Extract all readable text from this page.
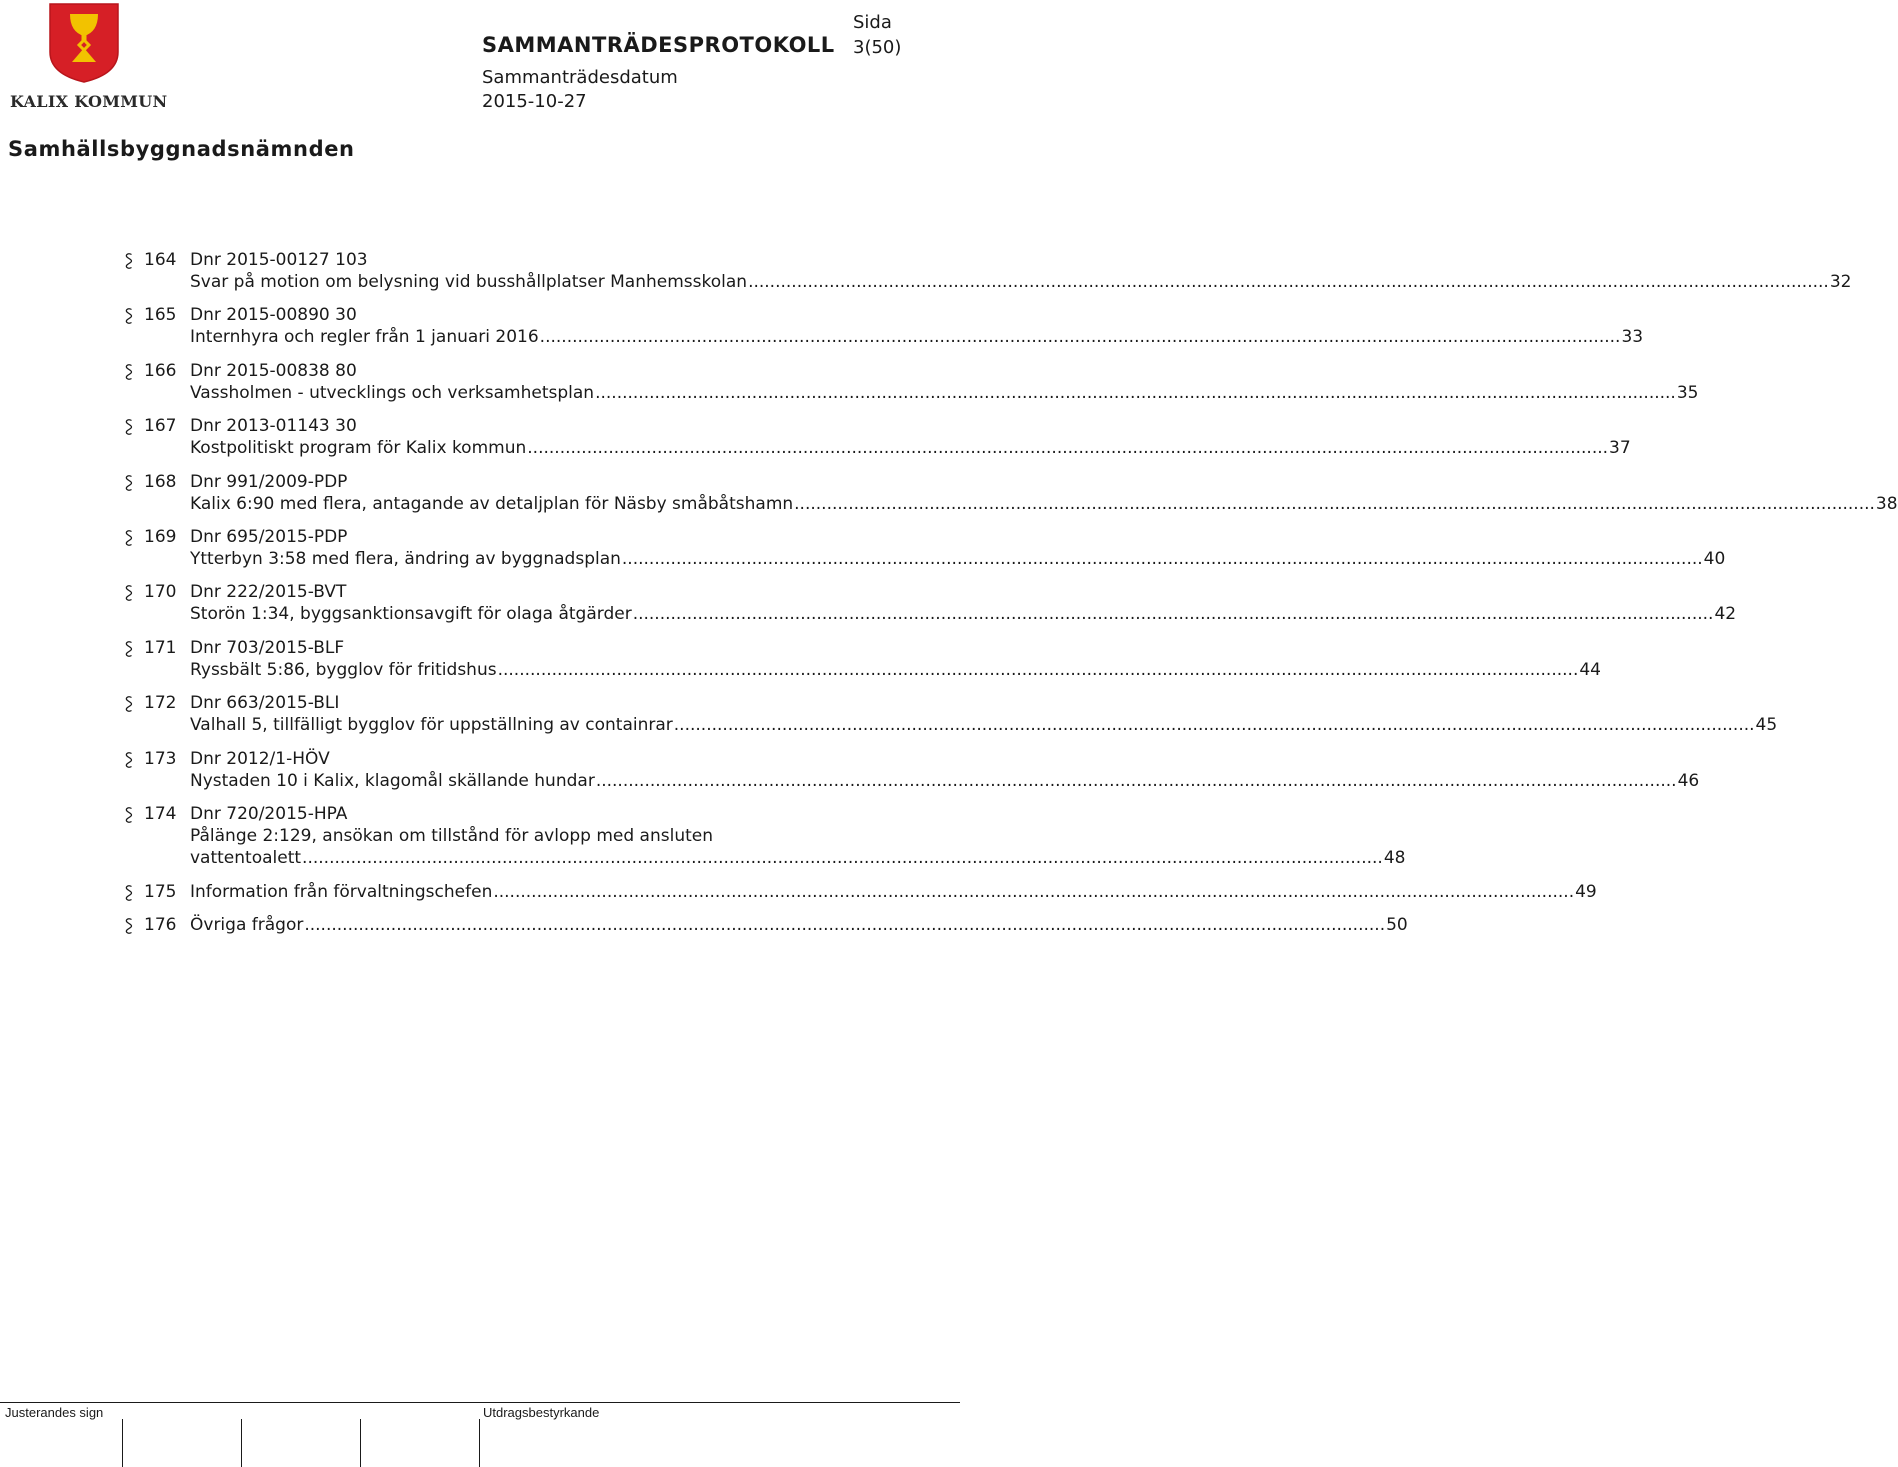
KALIX KOMMUN
Sida
SAMMANTRÄDESPROTOKOLL 3(50)
Sammanträdesdatum
2015-10-27
Samhällsbyggnadsnämnden
164 Dnr 2015-00127 103
Svar på motion om belysning vid busshållplatser Manhemsskolan ........................................................................................................................................................................................................ 32
165 Dnr 2015-00890 30
Internhyra och regler från 1 januari 2016 ........................................................................................................................................................................................................ 33
166 Dnr 2015-00838 80
Vassholmen - utvecklings och verksamhetsplan ........................................................................................................................................................................................................ 35
167 Dnr 2013-01143 30
Kostpolitiskt program för Kalix kommun ........................................................................................................................................................................................................ 37
168 Dnr 991/2009-PDP
Kalix 6:90 med flera, antagande av detaljplan för Näsby småbåtshamn ........................................................................................................................................................................................................ 38
169 Dnr 695/2015-PDP
Ytterbyn 3:58 med flera, ändring av byggnadsplan ........................................................................................................................................................................................................ 40
170 Dnr 222/2015-BVT
Storön 1:34, byggsanktionsavgift för olaga åtgärder ........................................................................................................................................................................................................ 42
171 Dnr 703/2015-BLF
Ryssbält 5:86, bygglov för fritidshus ........................................................................................................................................................................................................ 44
172 Dnr 663/2015-BLI
Valhall 5, tillfälligt bygglov för uppställning av containrar ........................................................................................................................................................................................................ 45
173 Dnr 2012/1-HÖV
Nystaden 10 i Kalix, klagomål skällande hundar ........................................................................................................................................................................................................ 46
174 Dnr 720/2015-HPA
Pålänge 2:129, ansökan om tillstånd för avlopp med ansluten
vattentoalett ........................................................................................................................................................................................................ 48
175 Information från förvaltningschefen ........................................................................................................................................................................................................ 49
176 Övriga frågor ........................................................................................................................................................................................................ 50
Justerandes sign	Utdragsbestyrkande
